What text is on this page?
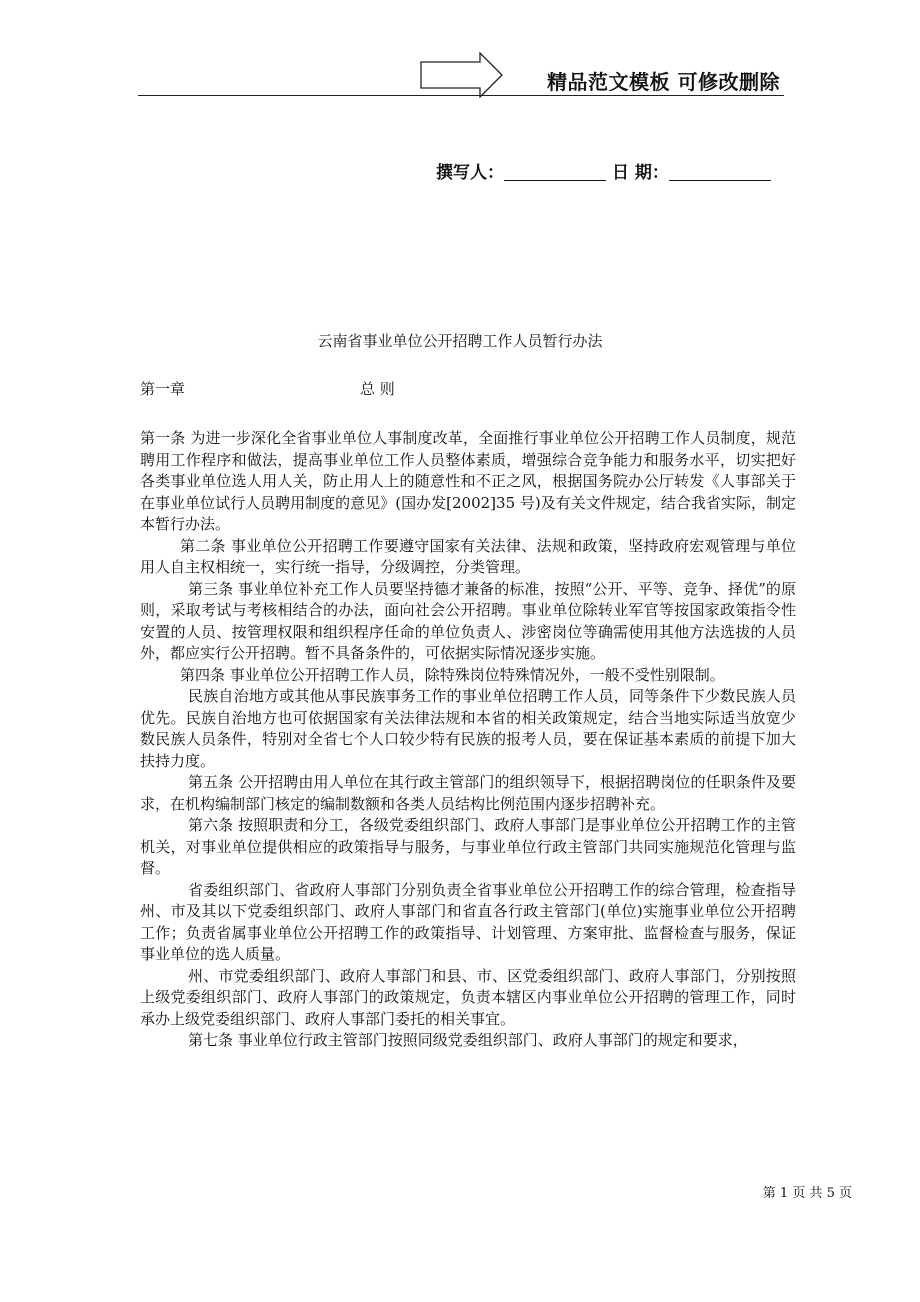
精品范文模板 可修改删除
撰写人：	日 期：
云南省事业单位公开招聘工作人员暂行办法
第一章	总 则

第一条 为进一步深化全省事业单位人事制度改革，全面推行事业单位公开招聘工作人员制度，规范聘用工作程序和做法，提高事业单位工作人员整体素质，增强综合竞争能力和服务水平，切实把好各类事业单位选人用人关，防止用人上的随意性和不正之风，根据国务院办公厅转发《人事部关于在事业单位试行人员聘用制度的意见》(国办发[2002]35 号)及有关文件规定，结合我省实际，制定本暂行办法。

第二条 事业单位公开招聘工作要遵守国家有关法律、法规和政策，坚持政府宏观管理与单位用人自主权相统一，实行统一指导，分级调控，分类管理。

第三条 事业单位补充工作人员要坚持德才兼备的标准，按照“公开、平等、竞争、择优”的原则，采取考试与考核相结合的办法，面向社会公开招聘。事业单位除转业军官等按国家政策指令性安置的人员、按管理权限和组织程序任命的单位负责人、涉密岗位等确需使用其他方法选拔的人员外，都应实行公开招聘。暂不具备条件的，可依据实际情况逐步实施。

第四条 事业单位公开招聘工作人员，除特殊岗位特殊情况外，一般不受性别限制。

民族自治地方或其他从事民族事务工作的事业单位招聘工作人员，同等条件下少数民族人员优先。民族自治地方也可依据国家有关法律法规和本省的相关政策规定，结合当地实际适当放宽少数民族人员条件，特别对全省七个人口较少特有民族的报考人员，要在保证基本素质的前提下加大扶持力度。

第五条 公开招聘由用人单位在其行政主管部门的组织领导下，根据招聘岗位的任职条件及要求，在机构编制部门核定的编制数额和各类人员结构比例范围内逐步招聘补充。

第六条 按照职责和分工，各级党委组织部门、政府人事部门是事业单位公开招聘工作的主管机关，对事业单位提供相应的政策指导与服务，与事业单位行政主管部门共同实施规范化管理与监督。

省委组织部门、省政府人事部门分别负责全省事业单位公开招聘工作的综合管理，检查指导州、市及其以下党委组织部门、政府人事部门和省直各行政主管部门(单位)实施事业单位公开招聘工作；负责省属事业单位公开招聘工作的政策指导、计划管理、方案审批、监督检查与服务，保证事业单位的选人质量。

州、市党委组织部门、政府人事部门和县、市、区党委组织部门、政府人事部门，分别按照上级党委组织部门、政府人事部门的政策规定，负责本辖区内事业单位公开招聘的管理工作，同时承办上级党委组织部门、政府人事部门委托的相关事宜。

第七条 事业单位行政主管部门按照同级党委组织部门、政府人事部门的规定和要求，

第 1 页 共 5 页
